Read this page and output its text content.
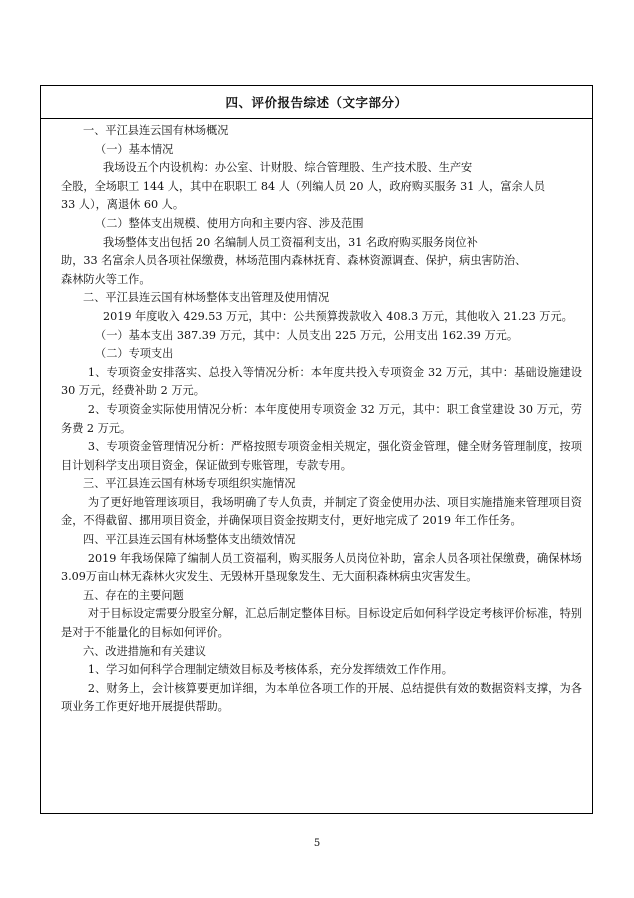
四、评价报告综述（文字部分）
一、平江县连云国有林场概况
（一）基本情况
我场设五个内设机构：办公室、计财股、综合管理股、生产技术股、生产安
全股，全场职工 144 人，其中在职职工 84 人（列编人员 20 人，政府购买服务 31 人，富余人员
33 人），离退休 60 人。
（二）整体支出规模、使用方向和主要内容、涉及范围
我场整体支出包括 20 名编制人员工资福利支出，31 名政府购买服务岗位补
助，33 名富余人员各项社保缴费，林场范围内森林抚育、森林资源调查、保护，病虫害防治、
森林防火等工作。
二、平江县连云国有林场整体支出管理及使用情况
2019 年度收入 429.53 万元，其中：公共预算拨款收入 408.3 万元，其他收入 21.23 万元。
（一）基本支出 387.39 万元，其中：人员支出 225 万元，公用支出 162.39 万元。
（二）专项支出
1、专项资金安排落实、总投入等情况分析：本年度共投入专项资金 32 万元，其中：基础设施建设 30 万元，经费补助 2 万元。
2、专项资金实际使用情况分析：本年度使用专项资金 32 万元，其中：职工食堂建设 30 万元，劳务费 2 万元。
3、专项资金管理情况分析：严格按照专项资金相关规定，强化资金管理，健全财务管理制度，按项目计划科学支出项目资金，保证做到专账管理，专款专用。
三、平江县连云国有林场专项组织实施情况
为了更好地管理该项目，我场明确了专人负责，并制定了资金使用办法、项目实施措施来管理项目资金，不得截留、挪用项目资金，并确保项目资金按期支付，更好地完成了 2019 年工作任务。
四、平江县连云国有林场整体支出绩效情况
2019 年我场保障了编制人员工资福利，购买服务人员岗位补助，富余人员各项社保缴费，确保林场3.09万亩山林无森林火灾发生、无毁林开垦现象发生、无大面积森林病虫灾害发生。
五、存在的主要问题
对于目标设定需要分股室分解，汇总后制定整体目标。目标设定后如何科学设定考核评价标准，特别是对于不能量化的目标如何评价。
六、改进措施和有关建议
1、学习如何科学合理制定绩效目标及考核体系，充分发挥绩效工作作用。
2、财务上，会计核算要更加详细，为本单位各项工作的开展、总结提供有效的数据资料支撑，为各项业务工作更好地开展提供帮助。
5
